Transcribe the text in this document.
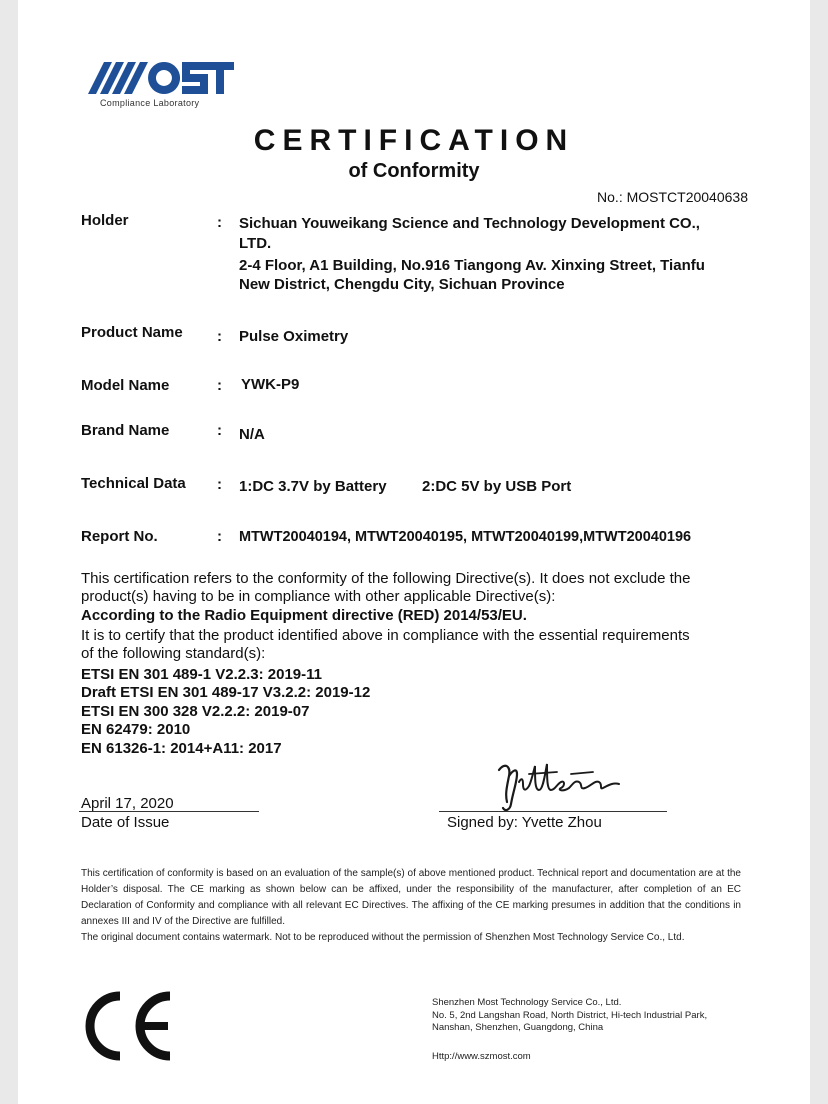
Compliance Laboratory
CERTIFICATION
of Conformity
No.: MOSTCT20040638
Holder	: Sichuan Youweikang Science and Technology Development CO.,
LTD.
2-4 Floor, A1 Building, No.916 Tiangong Av. Xinxing Street, Tianfu
New District, Chengdu City, Sichuan Province
Product Name : Pulse Oximetry
Model Name	: YWK-P9
Brand Name	: N/A
Technical Data : 1:DC 3.7V by Battery 2:DC 5V by USB Port
Report No.	: MTWT20040194, MTWT20040195, MTWT20040199,MTWT20040196
This certification refers to the conformity of the following Directive(s). It does not exclude the
product(s) having to be in compliance with other applicable Directive(s):
According to the Radio Equipment directive (RED) 2014/53/EU.
It is to certify that the product identified above in compliance with the essential requirements
of the following standard(s):
ETSI EN 301 489-1 V2.2.3: 2019-11
Draft ETSI EN 301 489-17 V3.2.2: 2019-12
ETSI EN 300 328 V2.2.2: 2019-07
EN 62479: 2010
EN 61326-1: 2014+A11: 2017
April 17, 2020
Date of Issue	Signed by: Yvette Zhou
This certification of conformity is based on an evaluation of the sample(s) of above mentioned product. Technical report and documentation are at the Holder’s disposal. The CE marking as shown below can be affixed, under the responsibility of the manufacturer, after completion of an EC Declaration of Conformity and compliance with all relevant EC Directives. The affixing of the CE marking presumes in addition that the conditions in annexes III and IV of the Directive are fulfilled.
The original document contains watermark. Not to be reproduced without the permission of Shenzhen Most Technology Service Co., Ltd.
Shenzhen Most Technology Service Co., Ltd.
No. 5, 2nd Langshan Road, North District, Hi-tech Industrial Park,
Nanshan, Shenzhen, Guangdong, China
Http://www.szmost.com
